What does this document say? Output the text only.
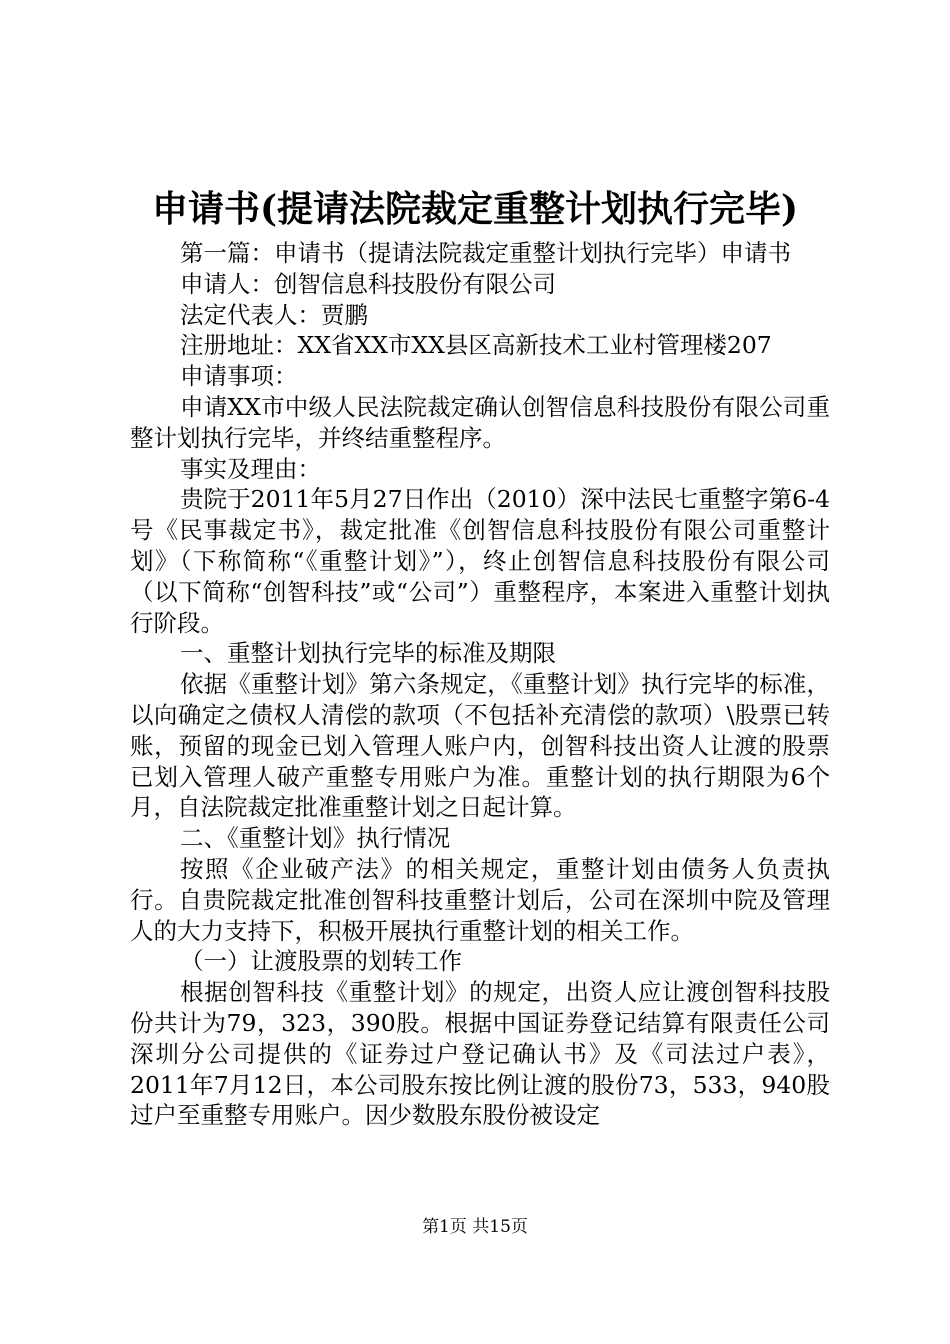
申请书(提请法院裁定重整计划执行完毕)

第一篇：申请书（提请法院裁定重整计划执行完毕）申请书

申请人：创智信息科技股份有限公司

法定代表人：贾鹏

注册地址：XX省XX市XX县区高新技术工业村管理楼207

申请事项：

申请XX市中级人民法院裁定确认创智信息科技股份有限公司重整计划执行完毕，并终结重整程序。

事实及理由：

贵院于2011年5月27日作出（2010）深中法民七重整字第6-4号《民事裁定书》，裁定批准《创智信息科技股份有限公司重整计划》（下称简称“《重整计划》”），终止创智信息科技股份有限公司（以下简称“创智科技”或“公司”）重整程序，本案进入重整计划执行阶段。

一、重整计划执行完毕的标准及期限

依据《重整计划》第六条规定，《重整计划》执行完毕的标准，以向确定之债权人清偿的款项（不包括补充清偿的款项）\股票已转账，预留的现金已划入管理人账户内，创智科技出资人让渡的股票已划入管理人破产重整专用账户为准。重整计划的执行期限为6个月，自法院裁定批准重整计划之日起计算。

二、《重整计划》执行情况

按照《企业破产法》的相关规定，重整计划由债务人负责执行。自贵院裁定批准创智科技重整计划后，公司在深圳中院及管理人的大力支持下，积极开展执行重整计划的相关工作。

（一）让渡股票的划转工作

根据创智科技《重整计划》的规定，出资人应让渡创智科技股份共计为79，323，390股。根据中国证券登记结算有限责任公司深圳分公司提供的《证券过户登记确认书》及《司法过户表》，2011年7月12日，本公司股东按比例让渡的股份73，533，940股过户至重整专用账户。因少数股东股份被设定

第1页 共15页
